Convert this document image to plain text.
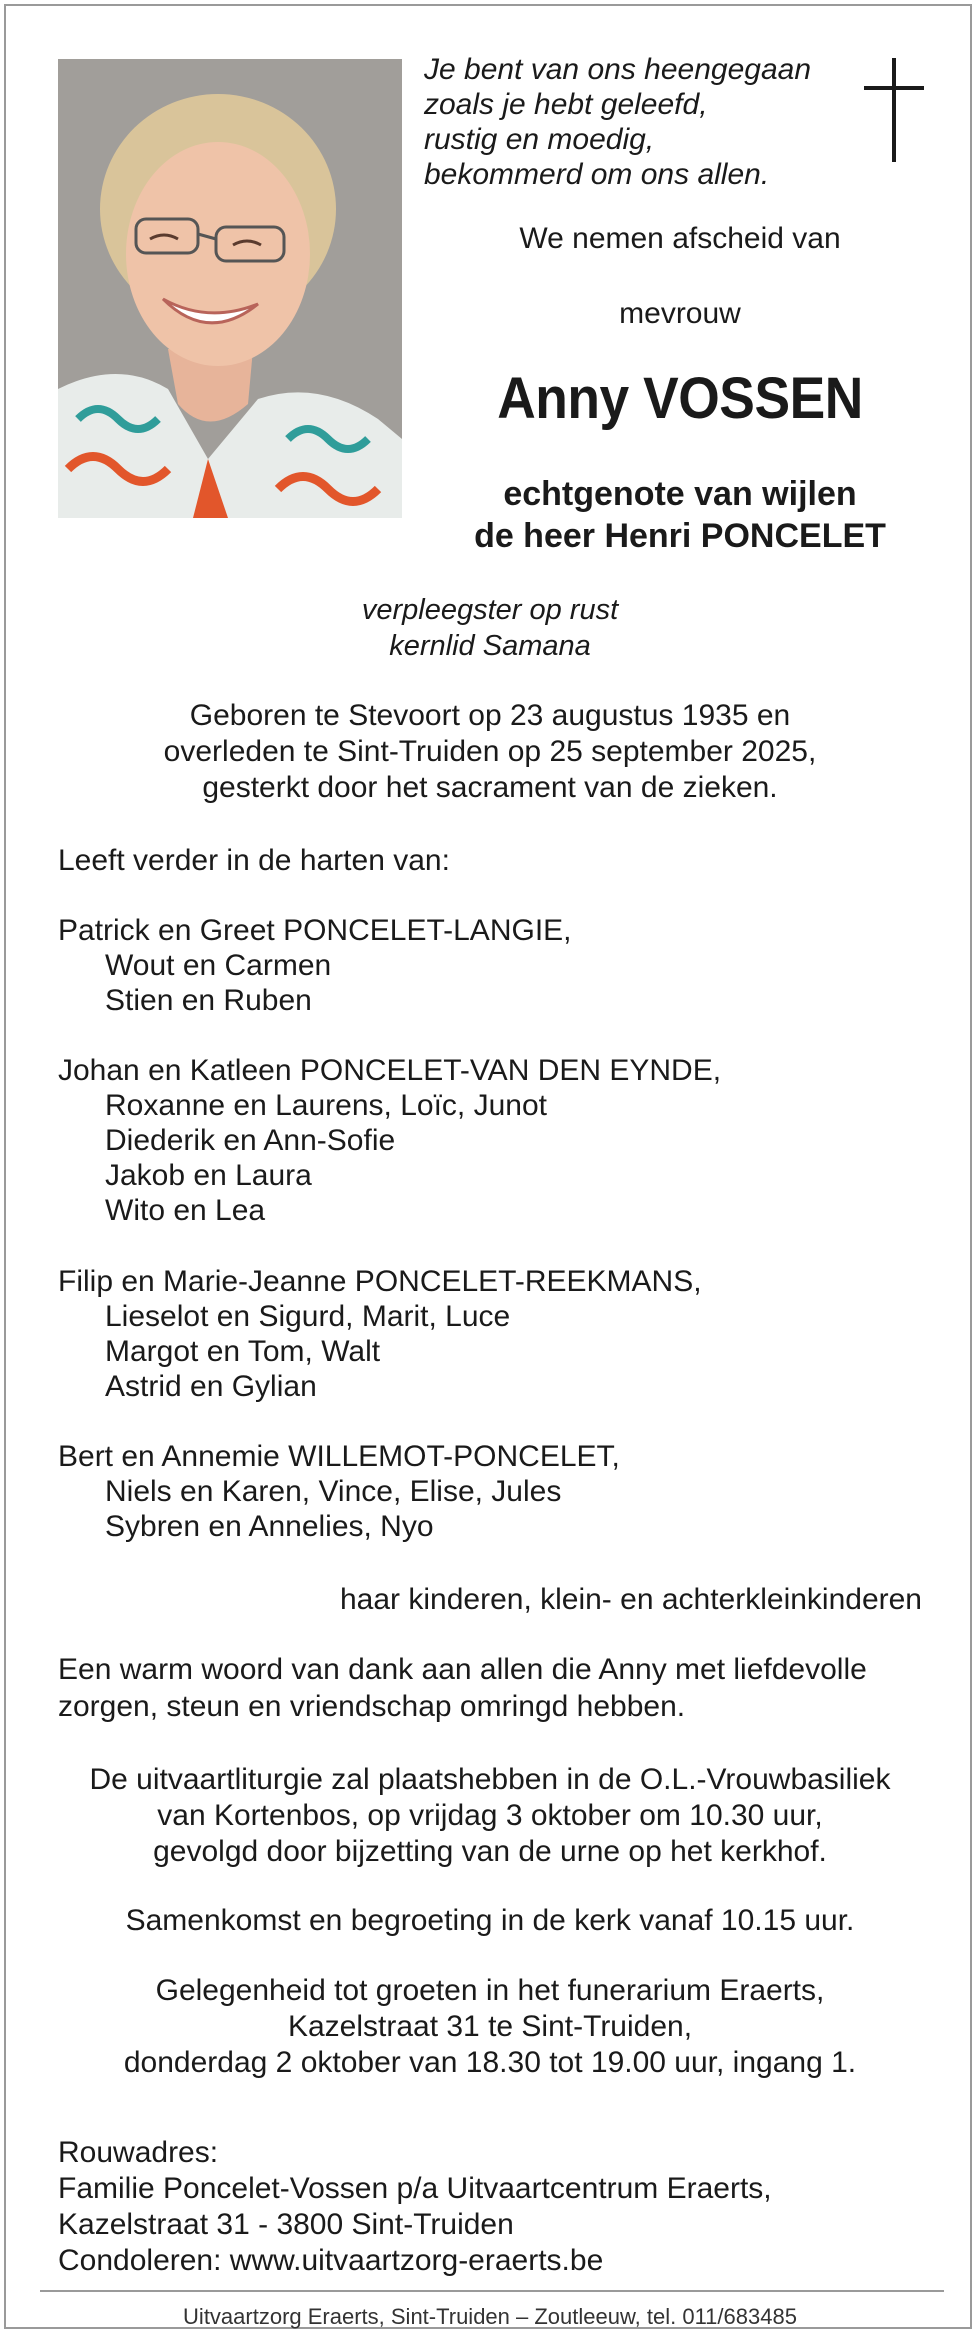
Je bent van ons heengegaan
zoals je hebt geleefd,
rustig en moedig,
bekommerd om ons allen.
We nemen afscheid van
mevrouw
Anny VOSSEN
echtgenote van wijlen
de heer Henri PONCELET
verpleegster op rust
kernlid Samana
Geboren te Stevoort op 23 augustus 1935 en
overleden te Sint-Truiden op 25 september 2025,
gesterkt door het sacrament van de zieken.
Leeft verder in de harten van:
Patrick en Greet PONCELET-LANGIE,
Wout en Carmen
Stien en Ruben
Johan en Katleen PONCELET-VAN DEN EYNDE,
Roxanne en Laurens, Loïc, Junot
Diederik en Ann-Sofie
Jakob en Laura
Wito en Lea
Filip en Marie-Jeanne PONCELET-REEKMANS,
Lieselot en Sigurd, Marit, Luce
Margot en Tom, Walt
Astrid en Gylian
Bert en Annemie WILLEMOT-PONCELET,
Niels en Karen, Vince, Elise, Jules
Sybren en Annelies, Nyo
haar kinderen, klein- en achterkleinkinderen
Een warm woord van dank aan allen die Anny met liefdevolle
zorgen, steun en vriendschap omringd hebben.
De uitvaartliturgie zal plaatshebben in de O.L.-Vrouwbasiliek
van Kortenbos, op vrijdag 3 oktober om 10.30 uur,
gevolgd door bijzetting van de urne op het kerkhof.
Samenkomst en begroeting in de kerk vanaf 10.15 uur.
Gelegenheid tot groeten in het funerarium Eraerts,
Kazelstraat 31 te Sint-Truiden,
donderdag 2 oktober van 18.30 tot 19.00 uur, ingang 1.
Rouwadres:
Familie Poncelet-Vossen p/a Uitvaartcentrum Eraerts,
Kazelstraat 31 - 3800 Sint-Truiden
Condoleren: www.uitvaartzorg-eraerts.be
Uitvaartzorg Eraerts, Sint-Truiden – Zoutleeuw, tel. 011/683485
